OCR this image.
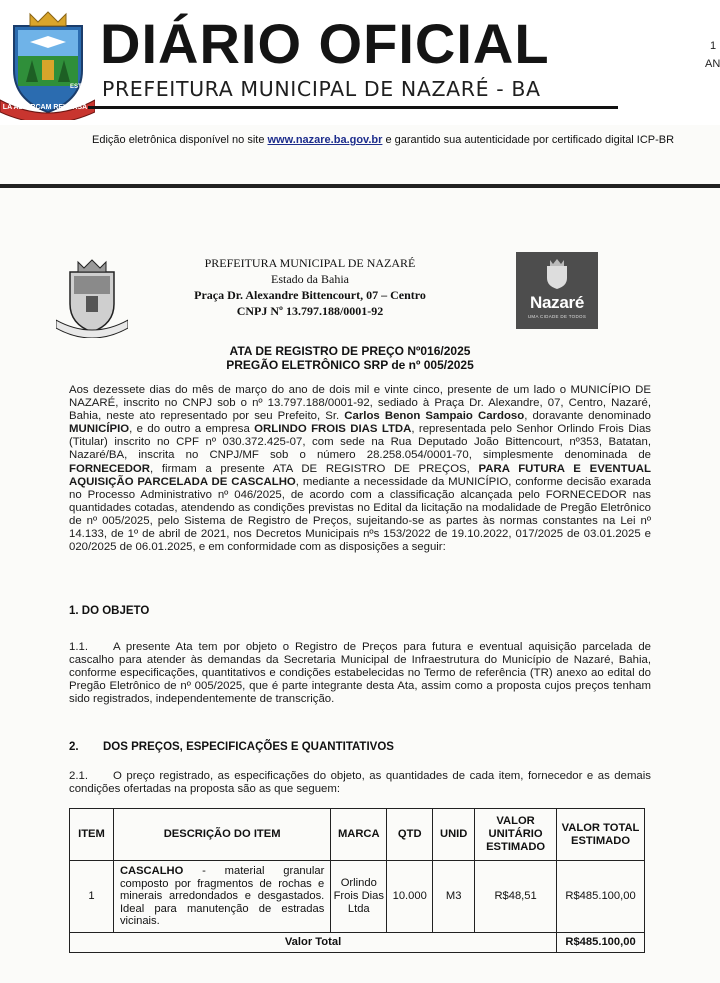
LA AD ARCAM REVERSA
EST
DIÁRIO OFICIAL
PREFEITURA MUNICIPAL DE NAZARÉ - BA
1
AN
Edição eletrônica disponível no site www.nazare.ba.gov.br e garantido sua autenticidade por certificado digital ICP-BR
PREFEITURA MUNICIPAL DE NAZARÉ
Estado da Bahia
Praça Dr. Alexandre Bittencourt, 07 – Centro
CNPJ Nº 13.797.188/0001-92	Nazaré
UMA CIDADE DE TODOS
ATA DE REGISTRO DE PREÇO Nº016/2025
PREGÃO ELETRÔNICO SRP de nº 005/2025
Aos dezessete dias do mês de março do ano de dois mil e vinte cinco, presente de um lado o MUNICÍPIO DE NAZARÉ, inscrito no CNPJ sob o nº 13.797.188/0001-92, sediado à Praça Dr. Alexandre, 07, Centro, Nazaré, Bahia, neste ato representado por seu Prefeito, Sr. Carlos Benon Sampaio Cardoso, doravante denominado MUNICÍPIO, e do outro a empresa ORLINDO FROIS DIAS LTDA, representada pelo Senhor Orlindo Frois Dias (Titular) inscrito no CPF nº 030.372.425-07, com sede na Rua Deputado João Bittencourt, nº353, Batatan, Nazaré/BA, inscrita no CNPJ/MF sob o número 28.258.054/0001-70, simplesmente denominada de FORNECEDOR, firmam a presente ATA DE REGISTRO DE PREÇOS, PARA FUTURA E EVENTUAL AQUISIÇÃO PARCELADA DE CASCALHO, mediante a necessidade da MUNICÍPIO, conforme decisão exarada no Processo Administrativo nº 046/2025, de acordo com a classificação alcançada pelo FORNECEDOR nas quantidades cotadas, atendendo as condições previstas no Edital da licitação na modalidade de Pregão Eletrônico de nº 005/2025, pelo Sistema de Registro de Preços, sujeitando-se as partes às normas constantes na Lei nº 14.133, de 1º de abril de 2021, nos Decretos Municipais nºs 153/2022 de 19.10.2022, 017/2025 de 03.01.2025 e 020/2025 de 06.01.2025, e em conformidade com as disposições a seguir:
1. DO OBJETO
1.1. A presente Ata tem por objeto o Registro de Preços para futura e eventual aquisição parcelada de cascalho para atender às demandas da Secretaria Municipal de Infraestrutura do Município de Nazaré, Bahia, conforme especificações, quantitativos e condições estabelecidas no Termo de referência (TR) anexo ao edital do Pregão Eletrônico de nº 005/2025, que é parte integrante desta Ata, assim como a proposta cujos preços tenham sido registrados, independentemente de transcrição.
2. DOS PREÇOS, ESPECIFICAÇÕES E QUANTITATIVOS
2.1. O preço registrado, as especificações do objeto, as quantidades de cada item, fornecedor e as demais condições ofertadas na proposta são as que seguem:
ITEM	DESCRIÇÃO DO ITEM	MARCA	QTD	UNID	VALOR UNITÁRIO ESTIMADO	VALOR TOTAL ESTIMADO
1	CASCALHO - material granular composto por fragmentos de rochas e minerais arredondados e desgastados. Ideal para manutenção de estradas vicinais.	Orlindo Frois Dias Ltda	10.000	M3	R$48,51	R$485.100,00
Valor Total						R$485.100,00
